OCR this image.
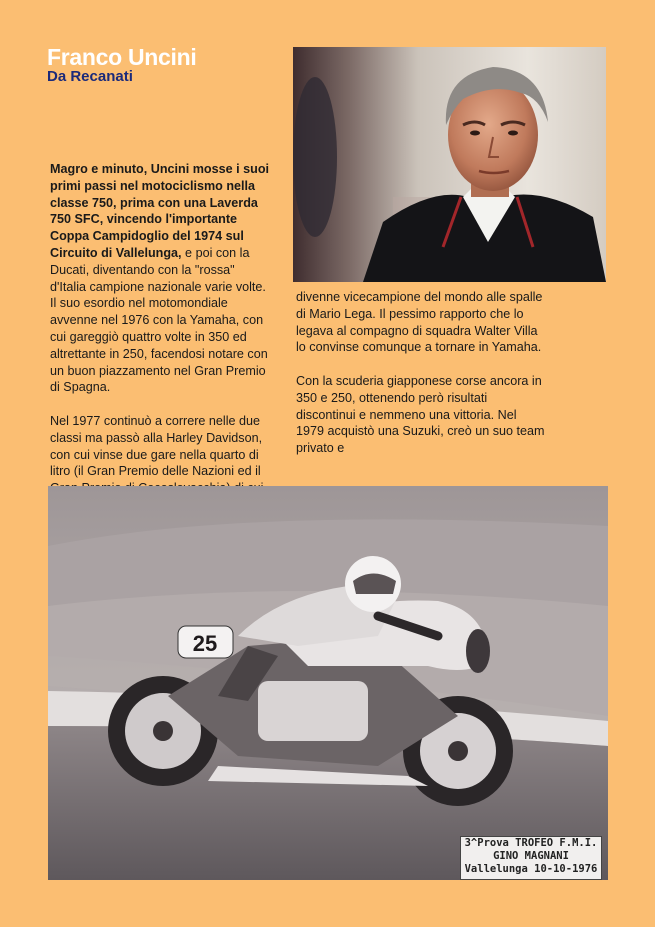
Franco Uncini
Da Recanati

Magro e minuto, Uncini mosse i suoi primi passi nel motociclismo nella classe 750, prima con una Laverda 750 SFC, vincendo l'importante Coppa Campidoglio del 1974 sul Circuito di Vallelunga, e poi con la Ducati, diventando con la "rossa" d'Italia campione nazionale varie volte. Il suo esordio nel motomondiale avvenne nel 1976 con la Yamaha, con cui gareggiò quattro volte in 350 ed altrettante in 250, facendosi notare con un buon piazzamento nel Gran Premio di Spagna.

Nel 1977 continuò a correre nelle due classi ma passò alla Harley Davidson, con cui vinse due gare nella quarto di litro (il Gran Premio delle Nazioni ed il

divenne vicecampione del mondo alle spalle di Mario Lega. Il pessimo rapporto che lo legava al compagno di squadra Walter Villa lo convinse comunque a tornare in Yamaha.

Con la scuderia giapponese corse ancora in 350 e 250, ottenendo però risultati discontinui e nemmeno una vittoria. Nel 1979 acquistò una Suzuki, creò un suo team privato e

25
3^Prova TROFEO F.M.I.
GINO MAGNANI
Vallelunga 10-10-1976
